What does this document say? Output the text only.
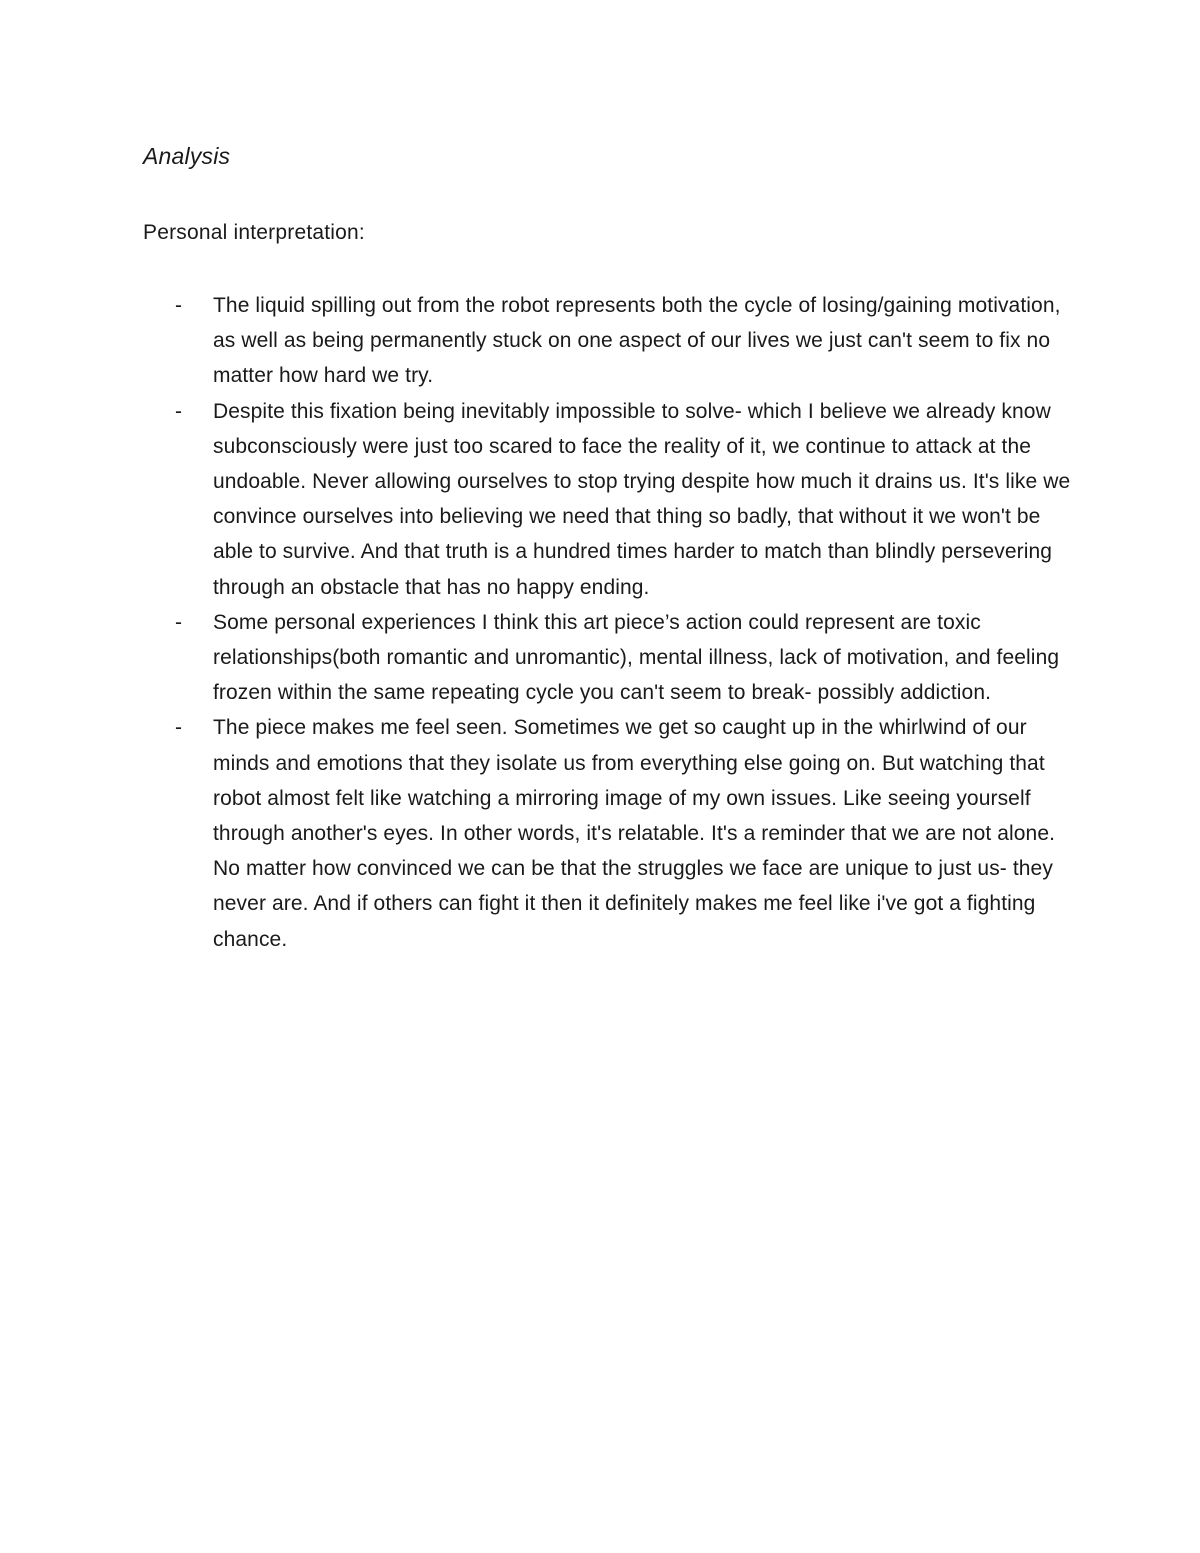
Analysis

Personal interpretation:

- The liquid spilling out from the robot represents both the cycle of losing/gaining motivation, as well as being permanently stuck on one aspect of our lives we just can't seem to fix no matter how hard we try.
- Despite this fixation being inevitably impossible to solve- which I believe we already know subconsciously were just too scared to face the reality of it, we continue to attack at the undoable. Never allowing ourselves to stop trying despite how much it drains us. It's like we convince ourselves into believing we need that thing so badly, that without it we won't be able to survive. And that truth is a hundred times harder to match than blindly persevering through an obstacle that has no happy ending.
- Some personal experiences I think this art piece’s action could represent are toxic relationships(both romantic and unromantic), mental illness, lack of motivation, and feeling frozen within the same repeating cycle you can't seem to break- possibly addiction.
- The piece makes me feel seen. Sometimes we get so caught up in the whirlwind of our minds and emotions that they isolate us from everything else going on. But watching that robot almost felt like watching a mirroring image of my own issues. Like seeing yourself through another's eyes. In other words, it's relatable. It's a reminder that we are not alone. No matter how convinced we can be that the struggles we face are unique to just us- they never are. And if others can fight it then it definitely makes me feel like i've got a fighting chance.
